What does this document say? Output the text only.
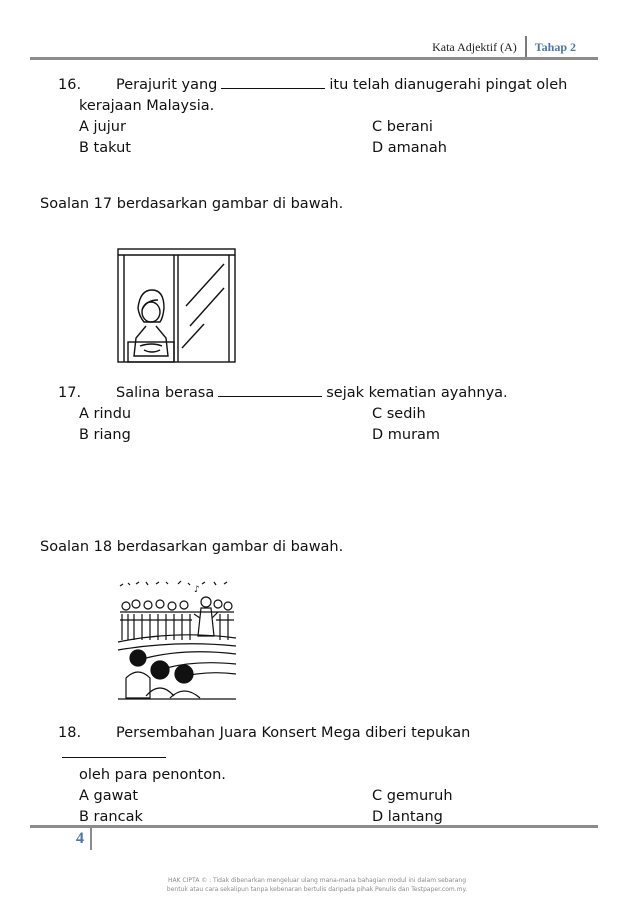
Kata Adjektif (A)	Tahap 2
16. Perajurit yang	itu telah dianugerahi pingat oleh
kerajaan Malaysia.
A jujur	C berani
B takut	D amanah
Soalan 17 berdasarkan gambar di bawah.
17. Salina berasa	sejak kematian ayahnya.
A rindu	C sedih
B riang	D muram
Soalan 18 berdasarkan gambar di bawah.
♪
18. Persembahan Juara Konsert Mega diberi tepukan
oleh para penonton.
A gawat	C gemuruh
B rancak	D lantang
4
HAK CIPTA © : Tidak dibenarkan mengeluar ulang mana-mana bahagian modul ini dalam sebarang
bentuk atau cara sekalipun tanpa kebenaran bertulis daripada pihak Penulis dan Testpaper.com.my.
